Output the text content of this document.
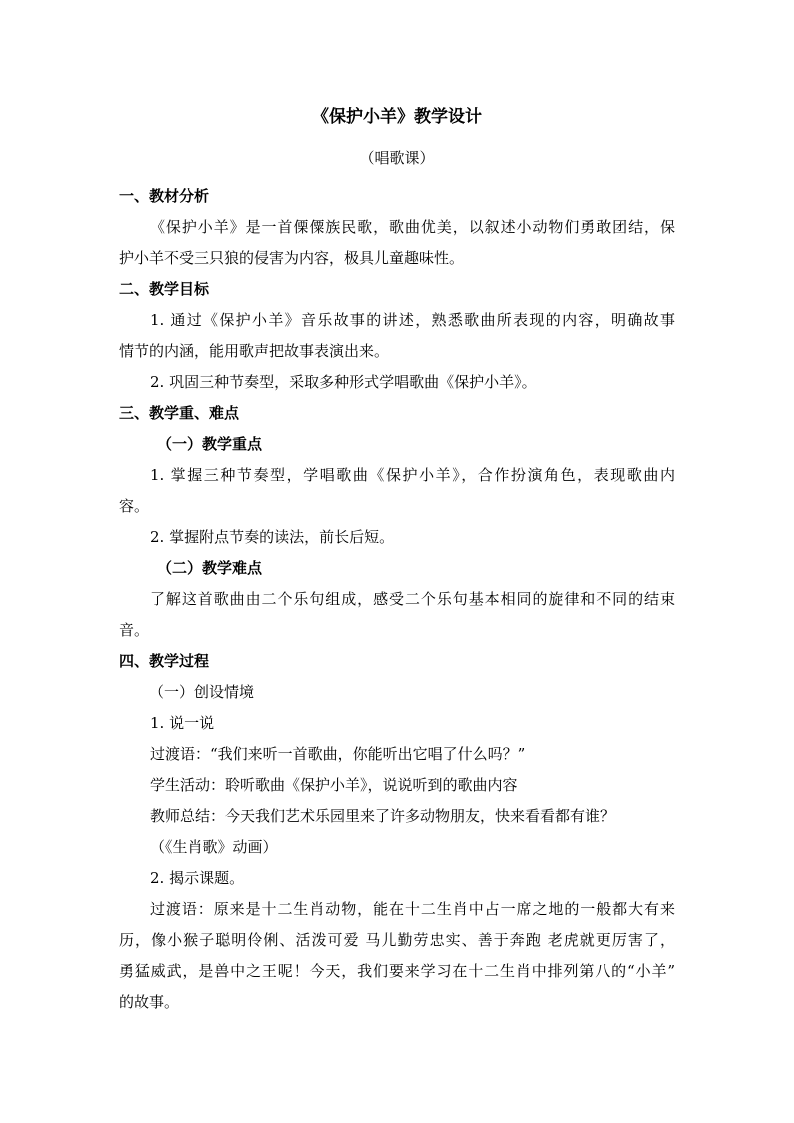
《保护小羊》教学设计
（唱歌课）
一、教材分析
《保护小羊》是一首傈僳族民歌，歌曲优美，以叙述小动物们勇敢团结，保
护小羊不受三只狼的侵害为内容，极具儿童趣味性。
二、教学目标
1. 通过《保护小羊》音乐故事的讲述，熟悉歌曲所表现的内容，明确故事
情节的内涵，能用歌声把故事表演出来。
2. 巩固三种节奏型，采取多种形式学唱歌曲《保护小羊》。
三、教学重、难点
（一）教学重点
1. 掌握三种节奏型，学唱歌曲《保护小羊》，合作扮演角色，表现歌曲内
容。
2. 掌握附点节奏的读法，前长后短。
（二）教学难点
了解这首歌曲由二个乐句组成，感受二个乐句基本相同的旋律和不同的结束
音。
四、教学过程
（一）创设情境
1. 说一说
过渡语：“我们来听一首歌曲，你能听出它唱了什么吗？”
学生活动：聆听歌曲《保护小羊》，说说听到的歌曲内容
教师总结：今天我们艺术乐园里来了许多动物朋友，快来看看都有谁？
（《生肖歌》动画）
2. 揭示课题。
过渡语：原来是十二生肖动物，能在十二生肖中占一席之地的一般都大有来
历，像小猴子聪明伶俐、活泼可爱 马儿勤劳忠实、善于奔跑 老虎就更厉害了，
勇猛威武，是兽中之王呢！今天，我们要来学习在十二生肖中排列第八的“小羊”
的故事。
